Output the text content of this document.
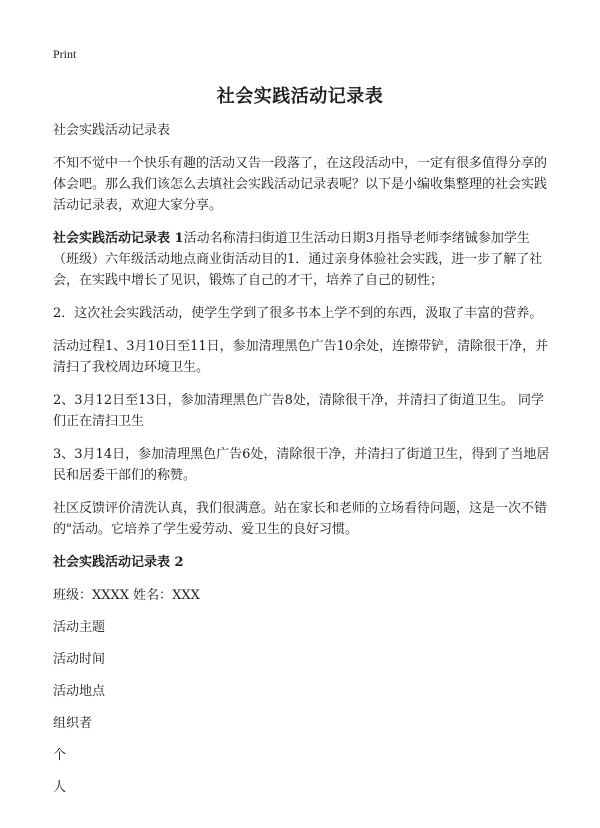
Print
社会实践活动记录表

社会实践活动记录表

不知不觉中一个快乐有趣的活动又告一段落了，在这段活动中，一定有很多值得分享的体会吧。那么我们该怎么去填社会实践活动记录表呢？以下是小编收集整理的社会实践活动记录表，欢迎大家分享。

社会实践活动记录表 1活动名称清扫街道卫生活动日期3月指导老师李绪铖参加学生（班级）六年级活动地点商业街活动目的1．通过亲身体验社会实践，进一步了解了社会，在实践中增长了见识，锻炼了自己的才干，培养了自己的韧性；

2．这次社会实践活动，使学生学到了很多书本上学不到的东西，汲取了丰富的营养。

活动过程1、3月10日至11日，参加清理黑色广告10余处，连擦带铲，清除很干净，并清扫了我校周边环境卫生。

2、3月12日至13日，参加清理黑色广告8处，清除很干净，并清扫了街道卫生。 同学们正在清扫卫生

3、3月14日，参加清理黑色广告6处，清除很干净，并清扫了街道卫生，得到了当地居民和居委干部们的称赞。

社区反馈评价清洗认真，我们很满意。站在家长和老师的立场看待问题，这是一次不错的"活动。它培养了学生爱劳动、爱卫生的良好习惯。

社会实践活动记录表 2

班级：XXXX 姓名：XXX

活动主题

活动时间

活动地点

组织者

个

人
